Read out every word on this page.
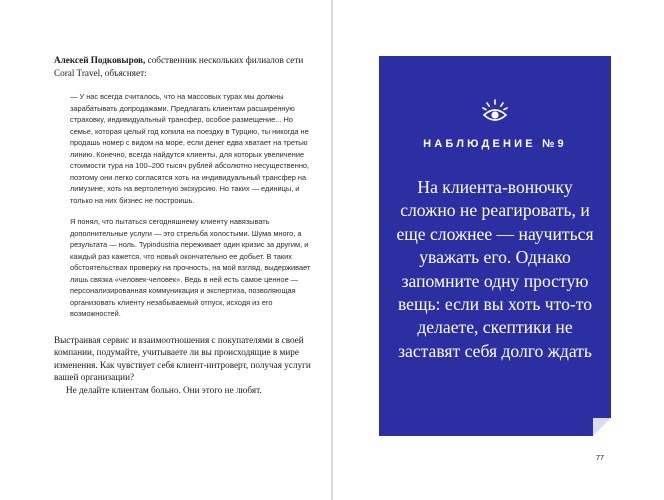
Алексей Подковыров, собственник нескольких филиалов сети Coral Travel, объясняет:

— У нас всегда считалось, что на массовых турах мы должны зарабатывать допродажами. Предлагать клиентам расширенную страховку, индивидуальный трансфер, особое размещение... Но семье, которая целый год копила на поездку в Турцию, ты никогда не продашь номер с видом на море, если денег едва хватает на третью линию. Конечно, всегда найдутся клиенты, для которых увеличение стоимости тура на 100–200 тысяч рублей абсолютно несущественно, поэтому они легко согласятся хоть на индивидуальный трансфер на лимузине, хоть на вертолетную экскурсию. Но таких — единицы, и только на них бизнес не построишь.

Я понял, что пытаться сегодняшнему клиенту навязывать дополнительные услуги — это стрельба холостыми. Шума много, а результата — ноль. Турindustria переживает один кризис за другим, и каждый раз кажется, что новый окончательно ее добьет. В таких обстоятельствах проверку на прочность, на мой взгляд, выдерживает лишь связка «человек-человек». Ведь в ней есть самое ценное — персонализированная коммуникация и экспертиза, позволяющая организовать клиенту незабываемый отпуск, исходя из его возможностей.

Выстраивая сервис и взаимоотношения с покупателями в своей компании, подумайте, учитываете ли вы происходящие в мире изменения. Как чувствует себя клиент-интроверт, получая услуги вашей организации?

Не делайте клиентам больно. Они этого не любят.

НАБЛЮДЕНИЕ №9
На клиента-вонючку сложно не реагировать, и еще сложнее — научиться уважать его. Однако запомните одну простую вещь: если вы хоть что-то делаете, скептики не заставят себя долго ждать
77
